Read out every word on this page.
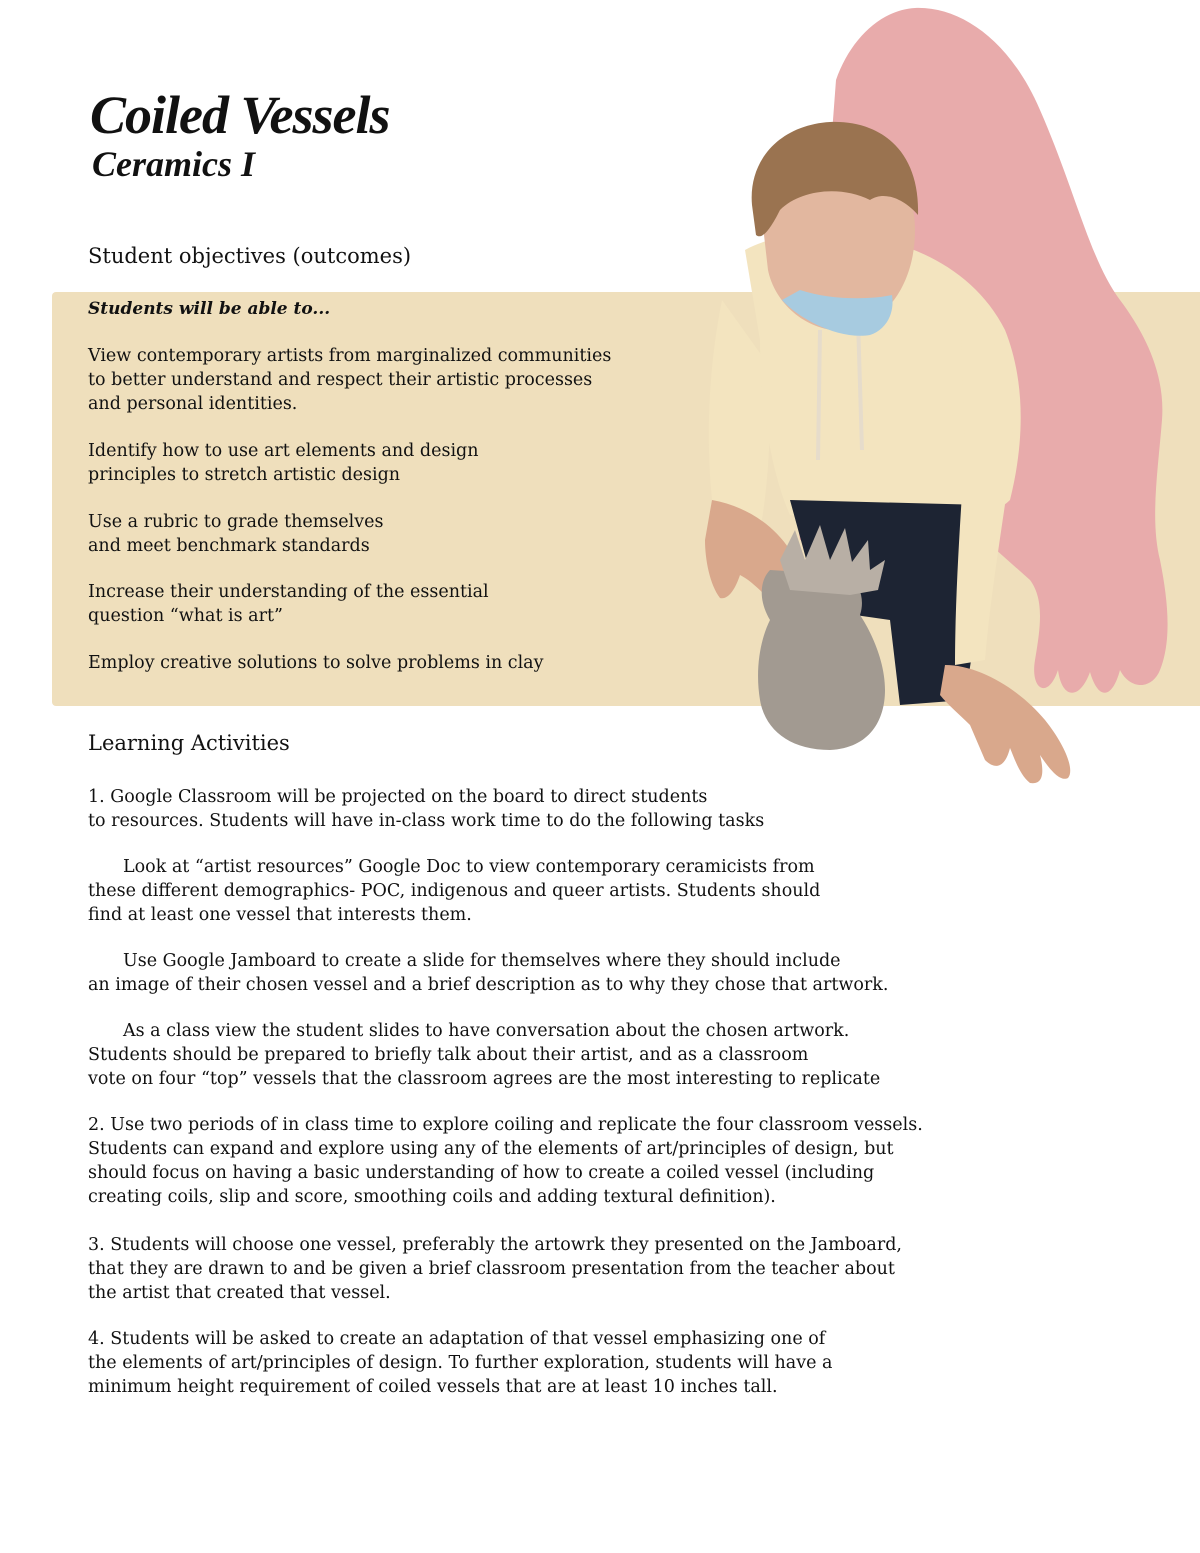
Coiled Vessels
Ceramics I
Student objectives (outcomes)
Students will be able to...
View contemporary artists from marginalized communities
to better understand and respect their artistic processes
and personal identities.
Identify how to use art elements and design
principles to stretch artistic design
Use a rubric to grade themselves
and meet benchmark standards
Increase their understanding of the essential
question “what is art”
Employ creative solutions to solve problems in clay
Learning Activities
1. Google Classroom will be projected on the board to direct students
to resources. Students will have in-class work time to do the following tasks
  Look at “artist resources” Google Doc to view contemporary ceramicists from
these different demographics- POC, indigenous and queer artists. Students should
find at least one vessel that interests them.
  Use Google Jamboard to create a slide for themselves where they should include
an image of their chosen vessel and a brief description as to why they chose that artwork.
  As a class view the student slides to have conversation about the chosen artwork.
Students should be prepared to briefly talk about their artist, and as a classroom
vote on four “top” vessels that the classroom agrees are the most interesting to replicate
2. Use two periods of in class time to explore coiling and replicate the four classroom vessels.
Students can expand and explore using any of the elements of art/principles of design, but
should focus on having a basic understanding of how to create a coiled vessel (including
creating coils, slip and score, smoothing coils and adding textural definition).
3. Students will choose one vessel, preferably the artowrk they presented on the Jamboard,
that they are drawn to and be given a brief classroom presentation from the teacher about
the artist that created that vessel.
4. Students will be asked to create an adaptation of that vessel emphasizing one of
the elements of art/principles of design. To further exploration, students will have a
minimum height requirement of coiled vessels that are at least 10 inches tall.
